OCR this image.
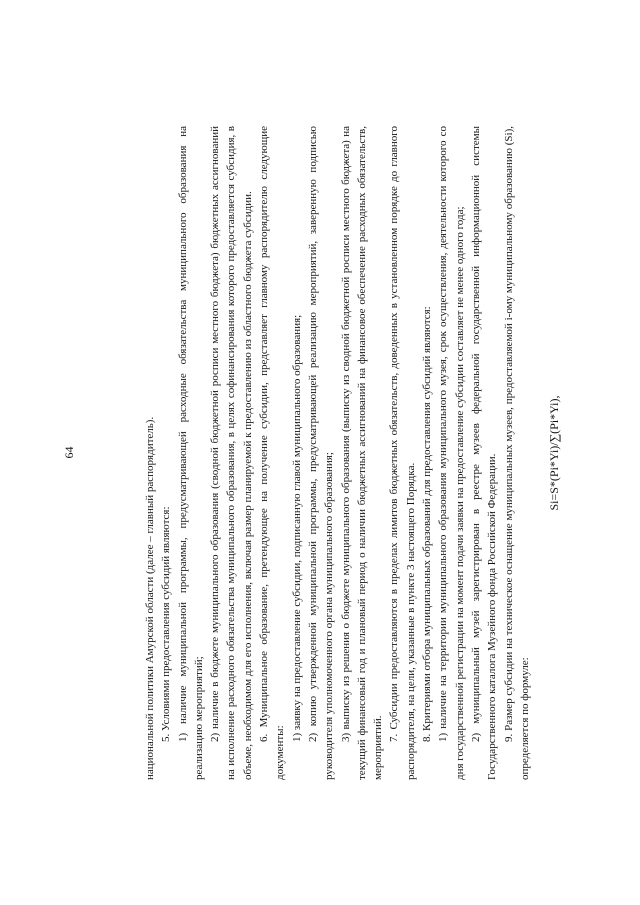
64	национальной политики Амурской области (далее – главный распорядитель). 5. Условиями предоставления субсидий являются: 1) наличие муниципальной программы, предусматривающей расходные обязательства муниципального образования на реализацию мероприятий; 2) наличие в бюджете муниципального образования (сводной бюджетной росписи местного бюджета) бюджетных ассигнований на исполнение расходного обязательства муниципального образования, в целях софинансирования которого предоставляется субсидия, в объеме, необходимом для его исполнения, включая размер планируемой к предоставлению из областного бюджета субсидии. 6. Муниципальное образование, претендующее на получение субсидии, представляет главному распорядителю следующие документы:

1) заявку на предоставление субсидии, подписанную главой муниципального образования; 2) копию утвержденной муниципальной программы, предусматривающей реализацию мероприятий, заверенную подписью руководителя уполномоченного органа муниципального образования; 3) выписку из решения о бюджете муниципального образования (выписку из сводной бюджетной росписи местного бюджета) на текущий финансовый год и плановый период о наличии бюджетных ассигнований на финансовое обеспечение расходных обязательств, мероприятий.

7. Субсидии предоставляются в пределах лимитов бюджетных обязательств, доведенных в установленном порядке до главного распорядителя, на цели, указанные в пункте 3 настоящего Порядка. 8. Критериями отбора муниципальных образований для предоставления субсидий являются: 1) наличие на территории муниципального образования муниципального музея, срок осуществления, деятельности которого со дня государственной регистрации на момент подачи заявки на предоставление субсидии составляет не менее одного года; 2) муниципальный музей зарегистрирован в реестре музеев федеральной государственной информационной системы Государственного каталога Музейного фонда Российской Федерации. 9. Размер субсидии на техническое оснащение муниципальных музеев, предоставляемой i-ому муниципальному образованию (Si), определяется по формуле:

Si=S*(Pi*Yi)/∑(Pi*Yi),
